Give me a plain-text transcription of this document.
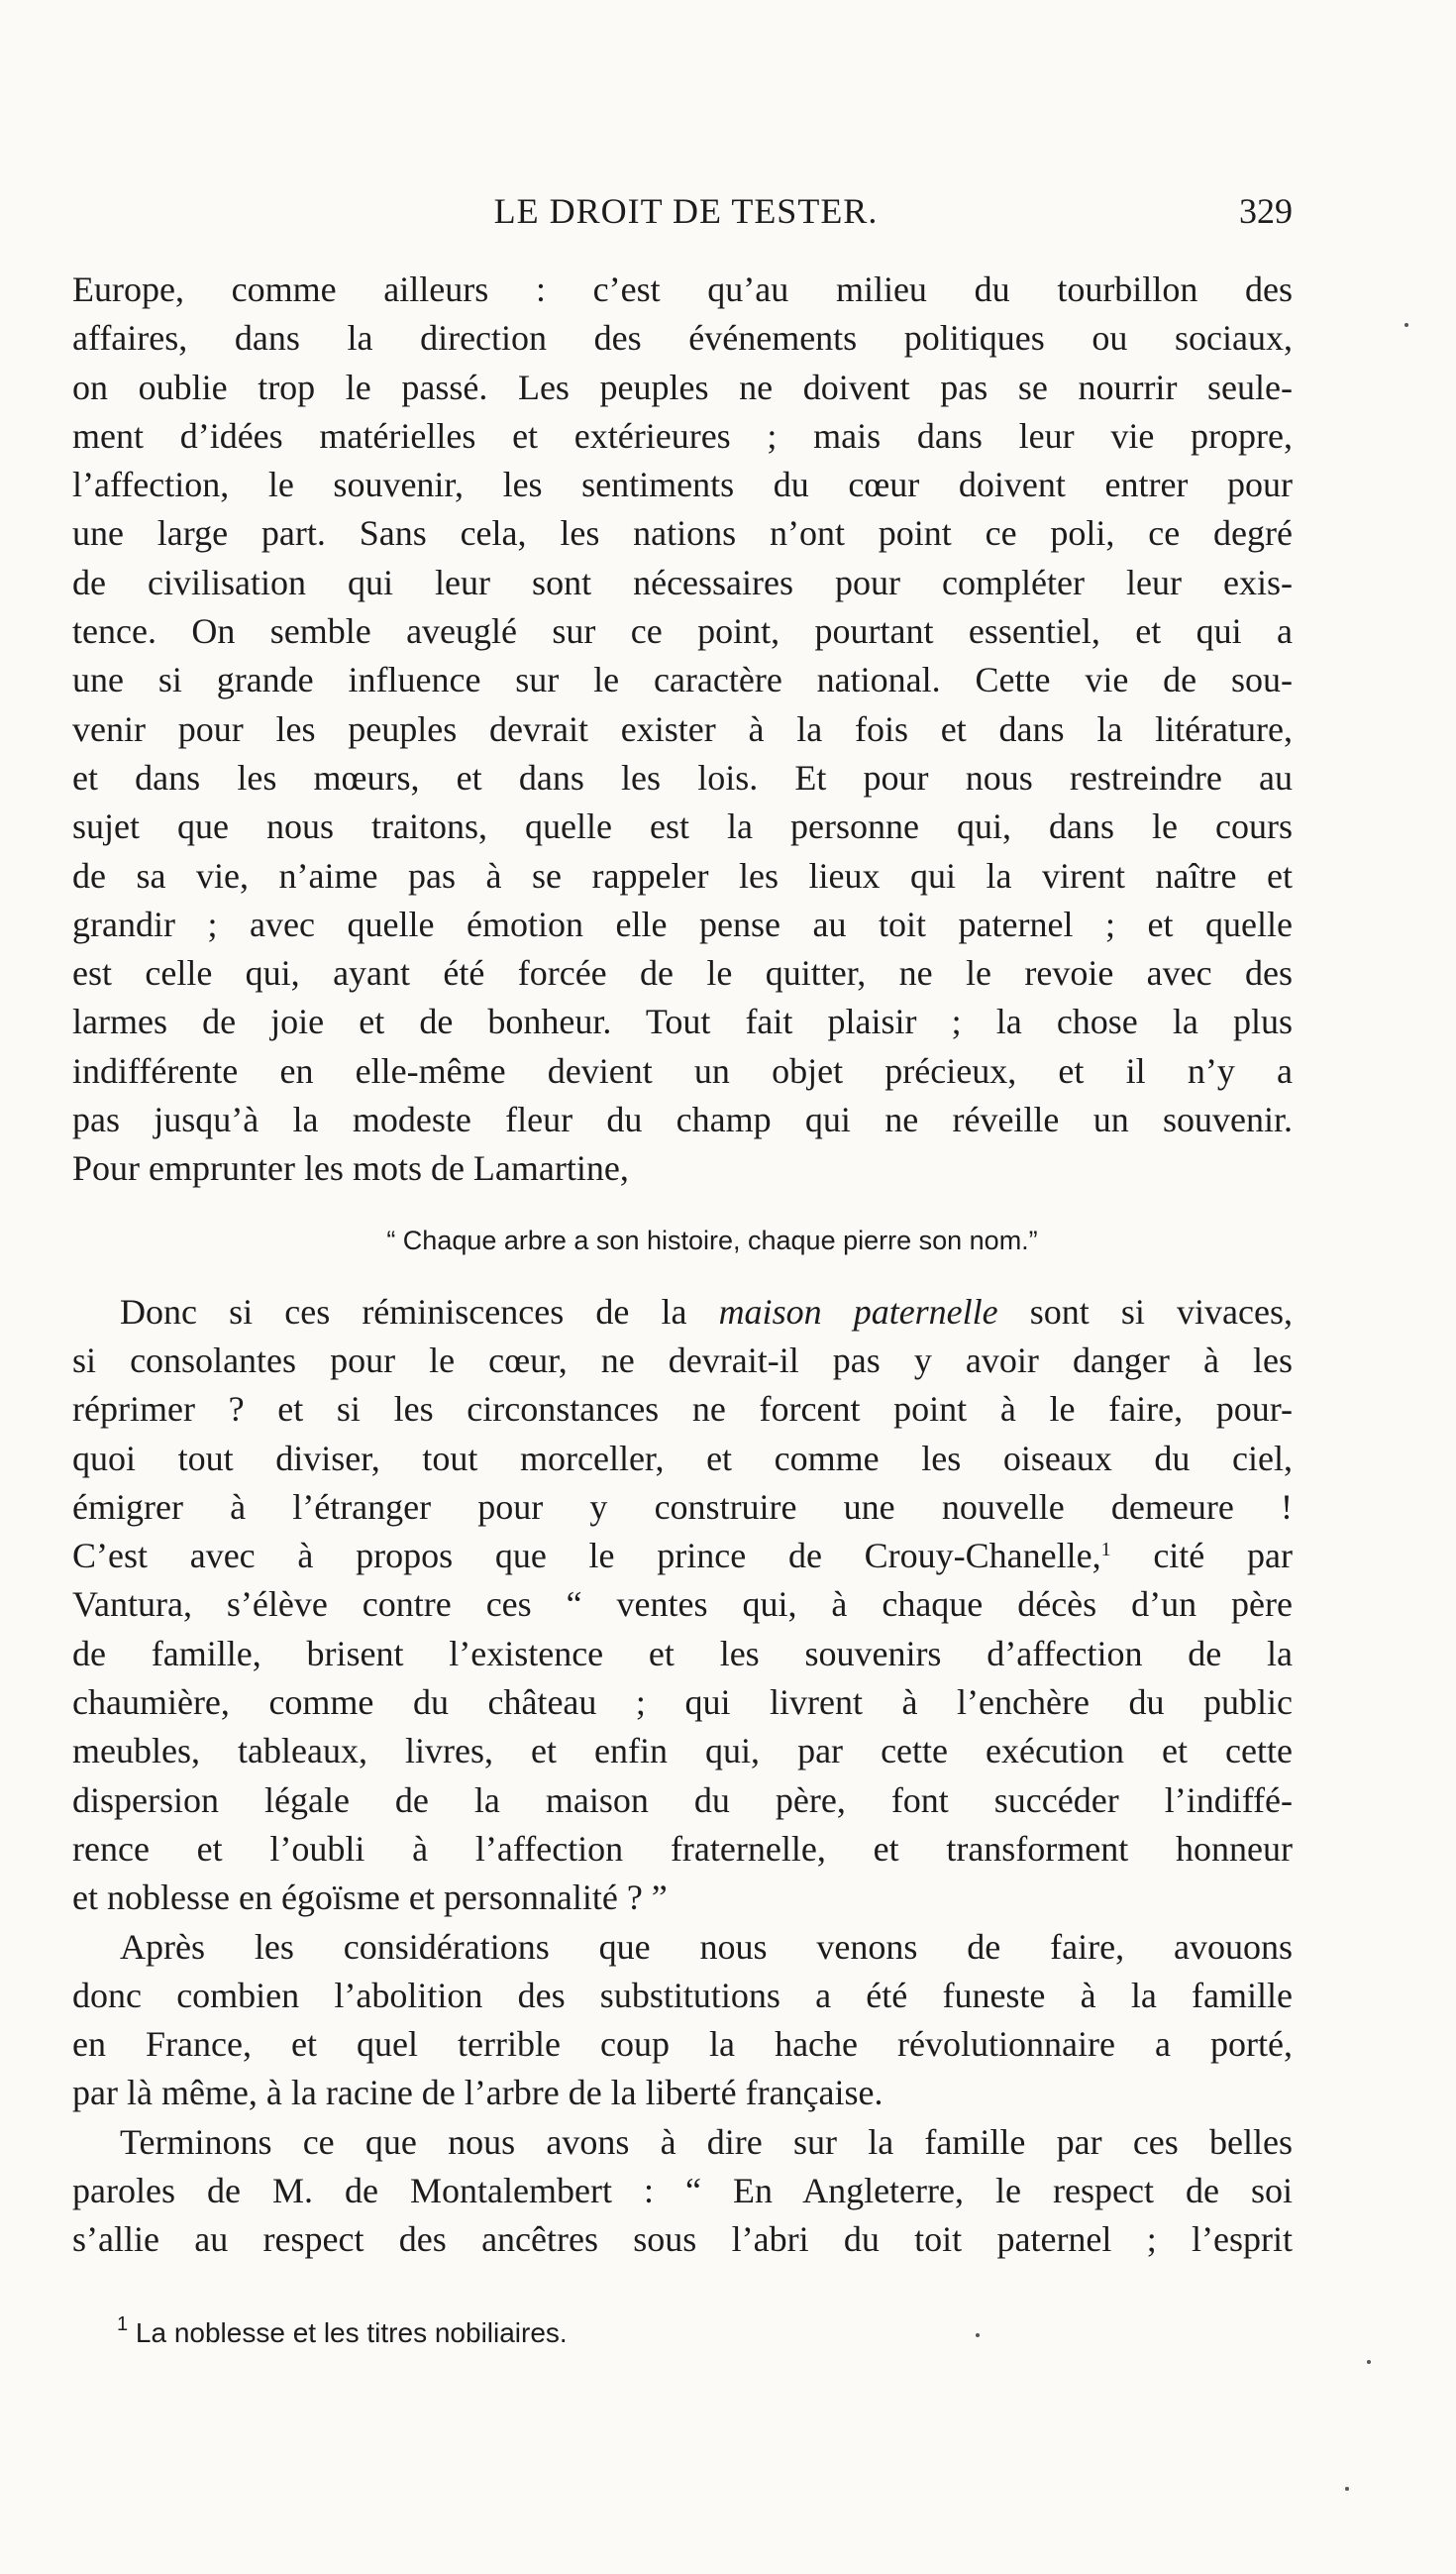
LE DROIT DE TESTER.	329
Europe, comme ailleurs : c’est qu’au milieu du tourbillon des
affaires, dans la direction des événements politiques ou sociaux,
on oublie trop le passé. Les peuples ne doivent pas se nourrir seule-
ment d’idées matérielles et extérieures ; mais dans leur vie propre,
l’affection, le souvenir, les sentiments du cœur doivent entrer pour
une large part. Sans cela, les nations n’ont point ce poli, ce degré
de civilisation qui leur sont nécessaires pour compléter leur exis-
tence. On semble aveuglé sur ce point, pourtant essentiel, et qui a
une si grande influence sur le caractère national. Cette vie de sou-
venir pour les peuples devrait exister à la fois et dans la litérature,
et dans les mœurs, et dans les lois. Et pour nous restreindre au
sujet que nous traitons, quelle est la personne qui, dans le cours
de sa vie, n’aime pas à se rappeler les lieux qui la virent naître et
grandir ; avec quelle émotion elle pense au toit paternel ; et quelle
est celle qui, ayant été forcée de le quitter, ne le revoie avec des
larmes de joie et de bonheur. Tout fait plaisir ; la chose la plus
indifférente en elle-même devient un objet précieux, et il n’y a
pas jusqu’à la modeste fleur du champ qui ne réveille un souvenir.
Pour emprunter les mots de Lamartine,
“ Chaque arbre a son histoire, chaque pierre son nom.”
Donc si ces réminiscences de la maison paternelle sont si vivaces,
si consolantes pour le cœur, ne devrait-il pas y avoir danger à les
réprimer ? et si les circonstances ne forcent point à le faire, pour-
quoi tout diviser, tout morceller, et comme les oiseaux du ciel,
émigrer à l’étranger pour y construire une nouvelle demeure !
C’est avec à propos que le prince de Crouy-Chanelle,$^1$ cité par
Vantura, s’élève contre ces “ ventes qui, à chaque décès d’un père
de famille, brisent l’existence et les souvenirs d’affection de la
chaumière, comme du château ; qui livrent à l’enchère du public
meubles, tableaux, livres, et enfin qui, par cette exécution et cette
dispersion légale de la maison du père, font succéder l’indiffé-
rence et l’oubli à l’affection fraternelle, et transforment honneur
et noblesse en égoïsme et personnalité ? ”
Après les considérations que nous venons de faire, avouons
donc combien l’abolition des substitutions a été funeste à la famille
en France, et quel terrible coup la hache révolutionnaire a porté,
par là même, à la racine de l’arbre de la liberté française.
Terminons ce que nous avons à dire sur la famille par ces belles
paroles de M. de Montalembert : “ En Angleterre, le respect de soi
s’allie au respect des ancêtres sous l’abri du toit paternel ; l’esprit
$^1$ La noblesse et les titres nobiliaires.
